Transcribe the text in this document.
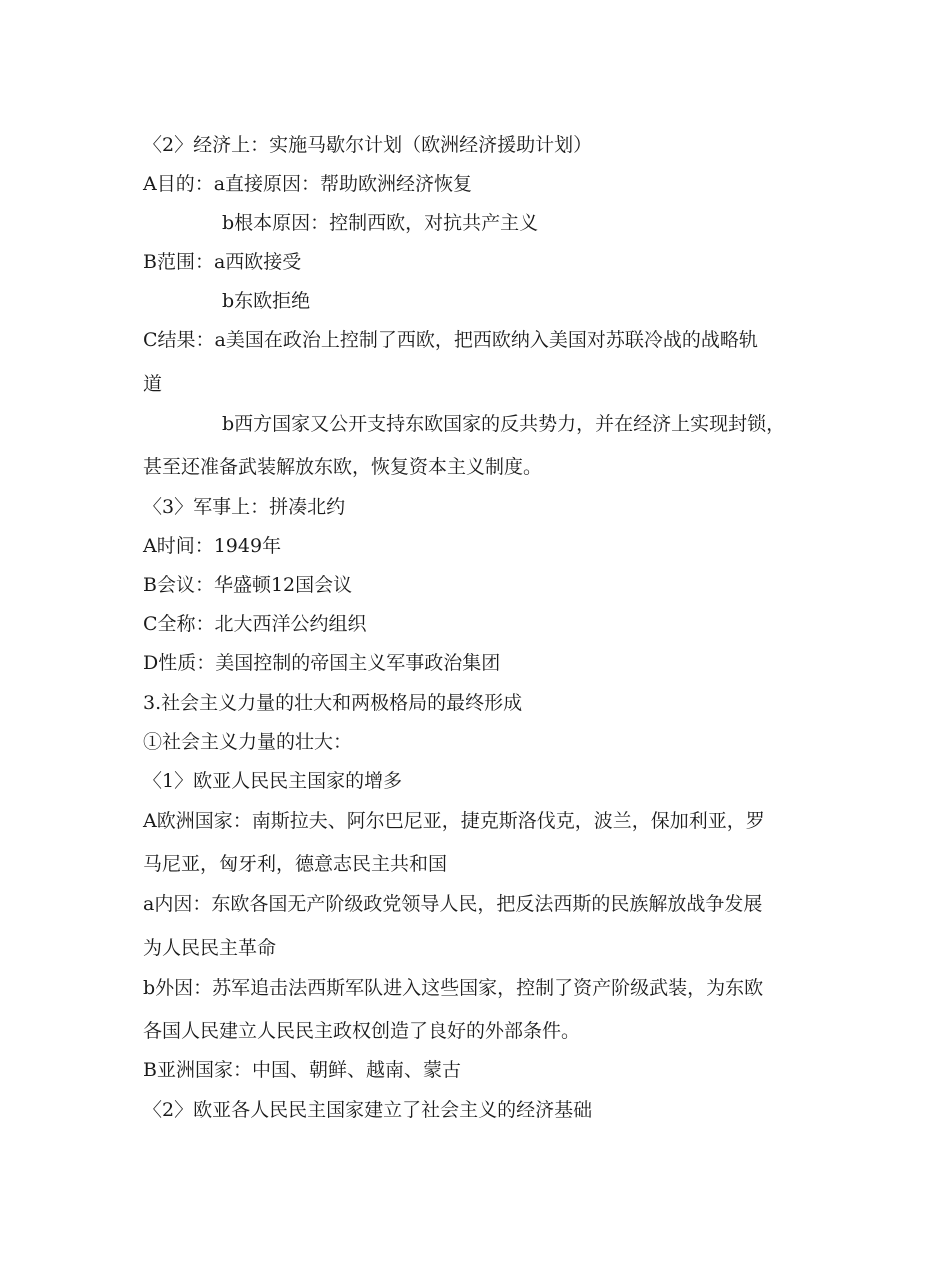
〈2〉经济上：实施马歇尔计划（欧洲经济援助计划）
A目的：a直接原因：帮助欧洲经济恢复
b根本原因：控制西欧，对抗共产主义
B范围：a西欧接受
b东欧拒绝
C结果：a美国在政治上控制了西欧，把西欧纳入美国对苏联冷战的战略轨
道
b西方国家又公开支持东欧国家的反共势力，并在经济上实现封锁，
甚至还准备武装解放东欧，恢复资本主义制度。
〈3〉军事上：拼凑北约
A时间：1949年
B会议：华盛顿12国会议
C全称：北大西洋公约组织
D性质：美国控制的帝国主义军事政治集团
3.社会主义力量的壮大和两极格局的最终形成
①社会主义力量的壮大：
〈1〉欧亚人民民主国家的增多
A欧洲国家：南斯拉夫、阿尔巴尼亚，捷克斯洛伐克，波兰，保加利亚，罗
马尼亚，匈牙利，德意志民主共和国
a内因：东欧各国无产阶级政党领导人民，把反法西斯的民族解放战争发展
为人民民主革命
b外因：苏军追击法西斯军队进入这些国家，控制了资产阶级武装，为东欧
各国人民建立人民民主政权创造了良好的外部条件。
B亚洲国家：中国、朝鲜、越南、蒙古
〈2〉欧亚各人民民主国家建立了社会主义的经济基础
